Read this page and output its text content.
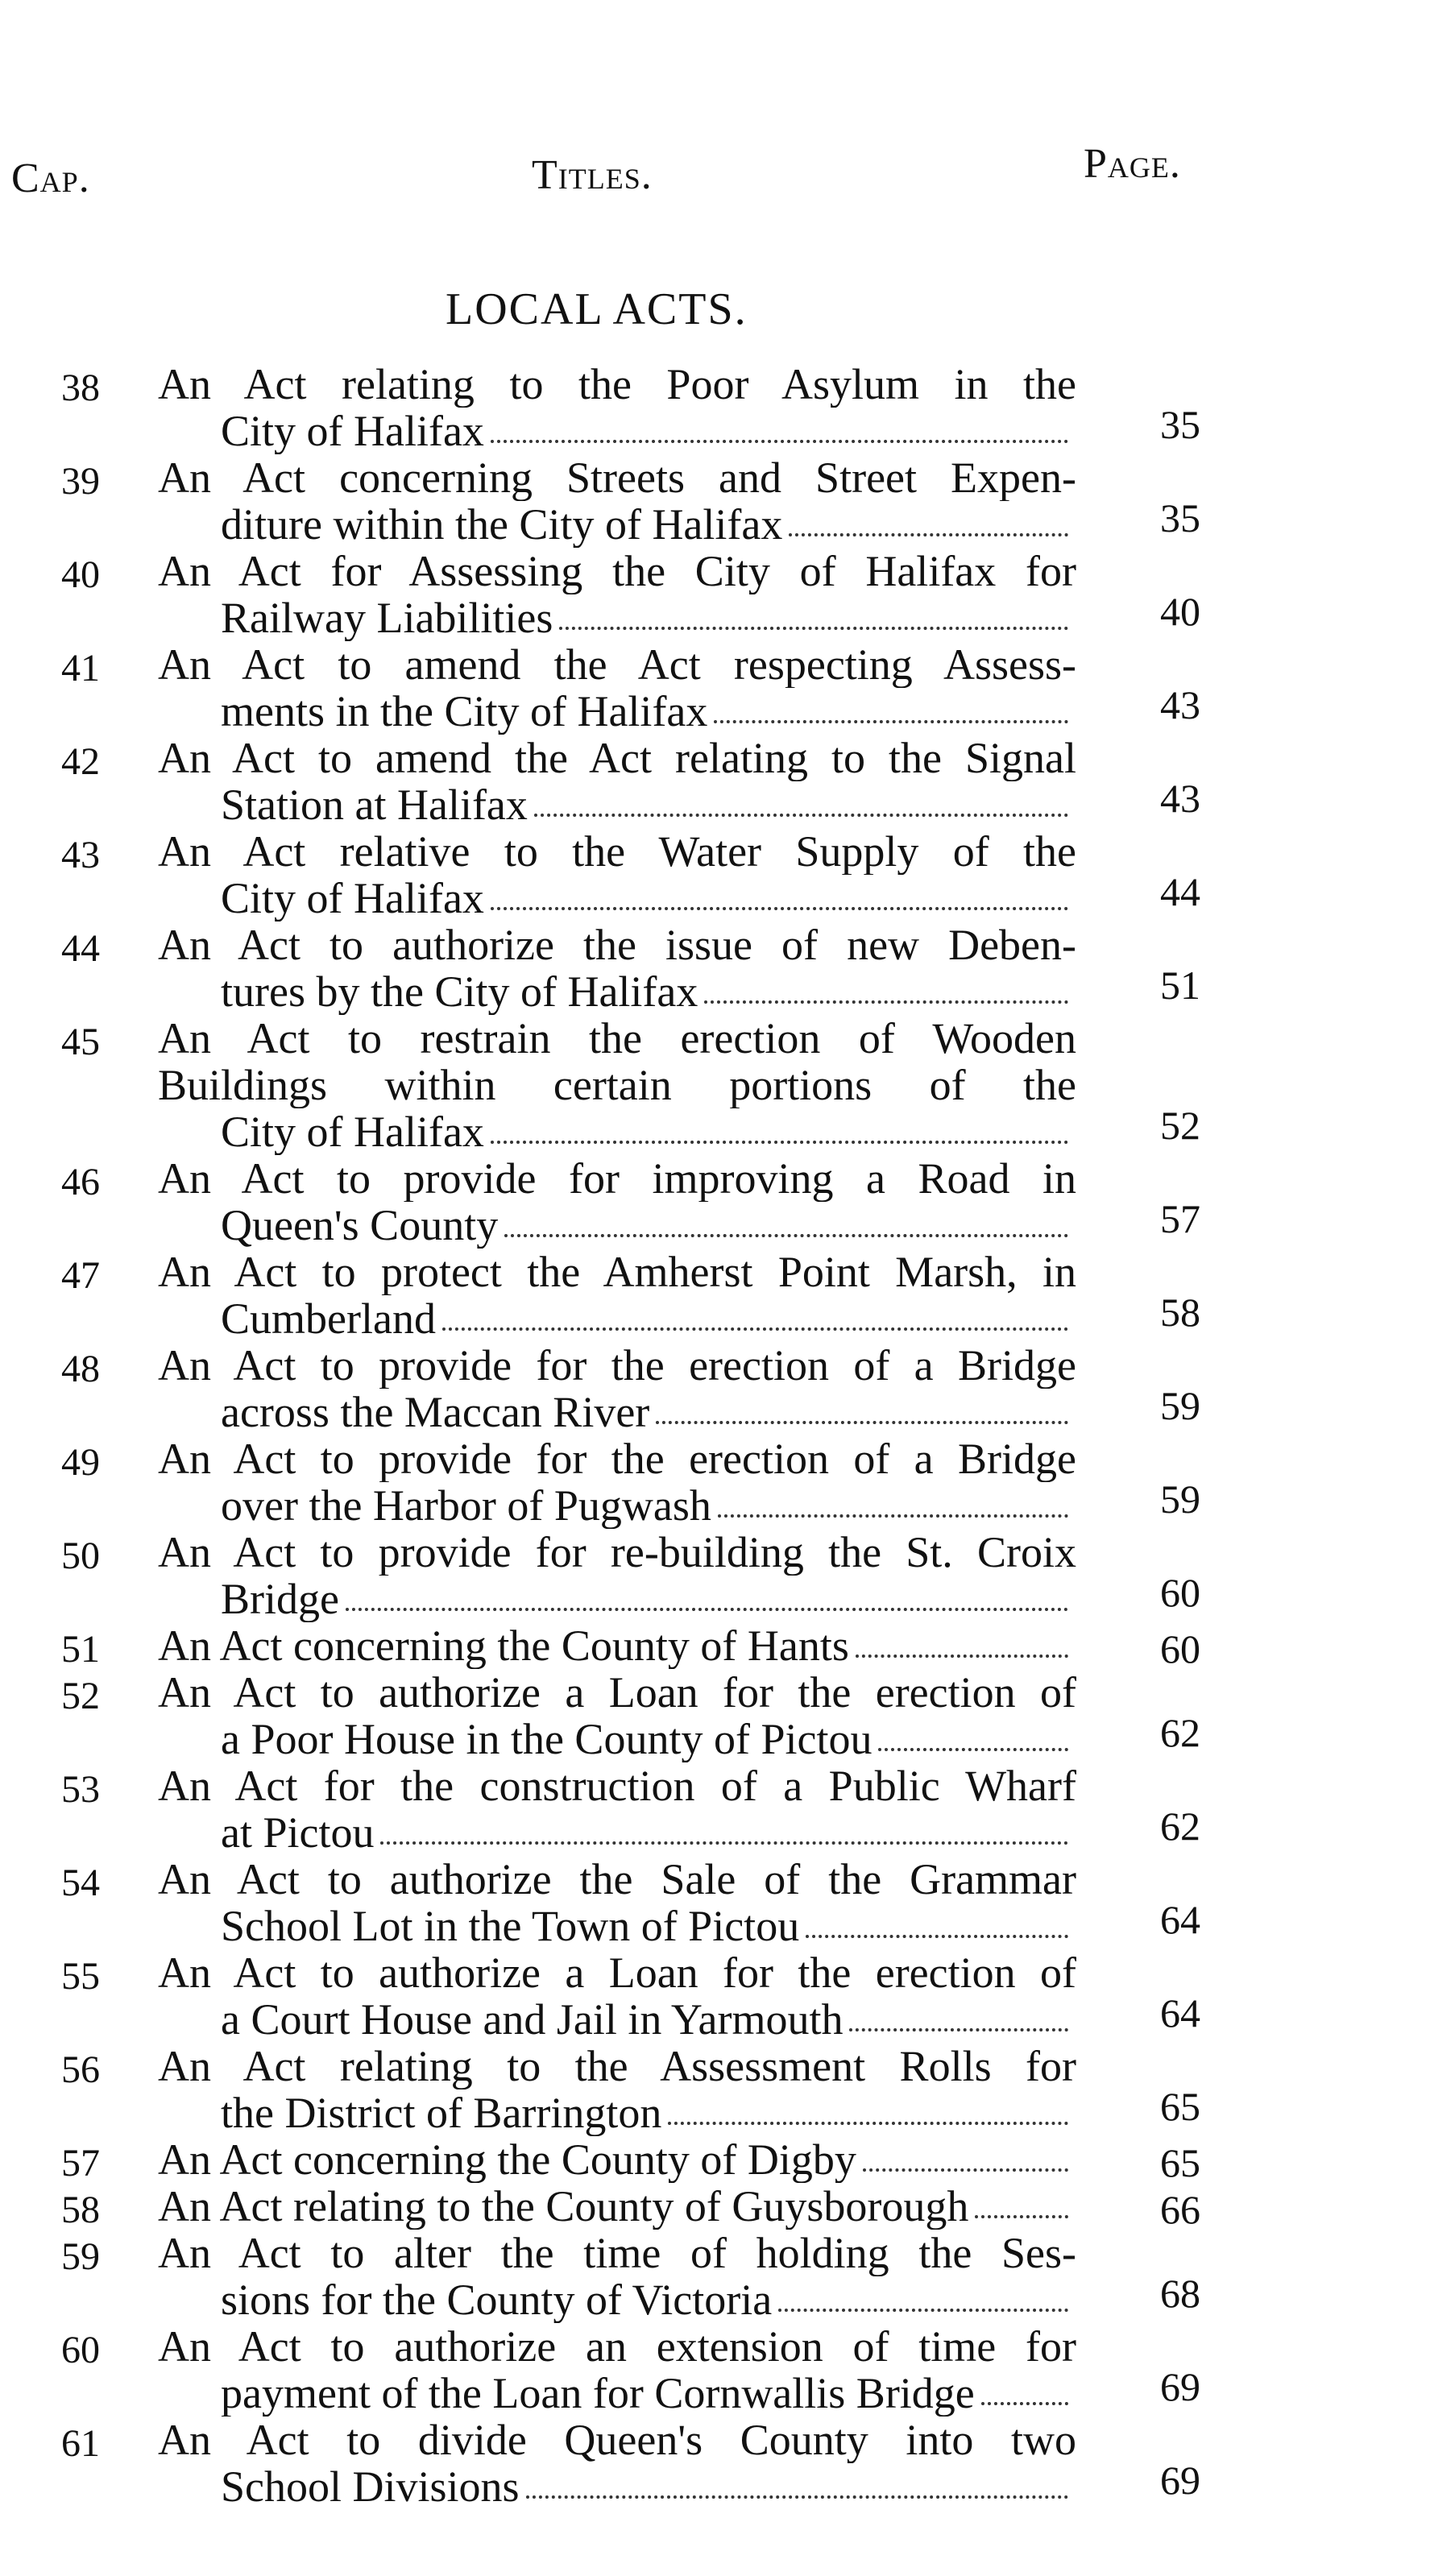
Cap.	Titles.	Page.
LOCAL ACTS.
38	An Act relating to the Poor Asylum in the
City of Halifax	35
39	An Act concerning Streets and Street Expen-
diture within the City of Halifax	35
40	An Act for Assessing the City of Halifax for
Railway Liabilities	40
41	An Act to amend the Act respecting Assess-
ments in the City of Halifax	43
42	An Act to amend the Act relating to the Signal
Station at Halifax	43
43	An Act relative to the Water Supply of the
City of Halifax	44
44	An Act to authorize the issue of new Deben-
tures by the City of Halifax	51
45	An Act to restrain the erection of Wooden
Buildings within certain portions of the
City of Halifax	52
46	An Act to provide for improving a Road in
Queen's County	57
47	An Act to protect the Amherst Point Marsh, in
Cumberland	58
48	An Act to provide for the erection of a Bridge
across the Maccan River	59
49	An Act to provide for the erection of a Bridge
over the Harbor of Pugwash	59
50	An Act to provide for re-building the St. Croix
Bridge	60
51	An Act concerning the County of Hants	60
52	An Act to authorize a Loan for the erection of
a Poor House in the County of Pictou	62
53	An Act for the construction of a Public Wharf
at Pictou	62
54	An Act to authorize the Sale of the Grammar
School Lot in the Town of Pictou	64
55	An Act to authorize a Loan for the erection of
a Court House and Jail in Yarmouth	64
56	An Act relating to the Assessment Rolls for
the District of Barrington	65
57	An Act concerning the County of Digby	65
58	An Act relating to the County of Guysborough	66
59	An Act to alter the time of holding the Ses-
sions for the County of Victoria	68
60	An Act to authorize an extension of time for
payment of the Loan for Cornwallis Bridge	69
61	An Act to divide Queen's County into two
School Divisions	69
